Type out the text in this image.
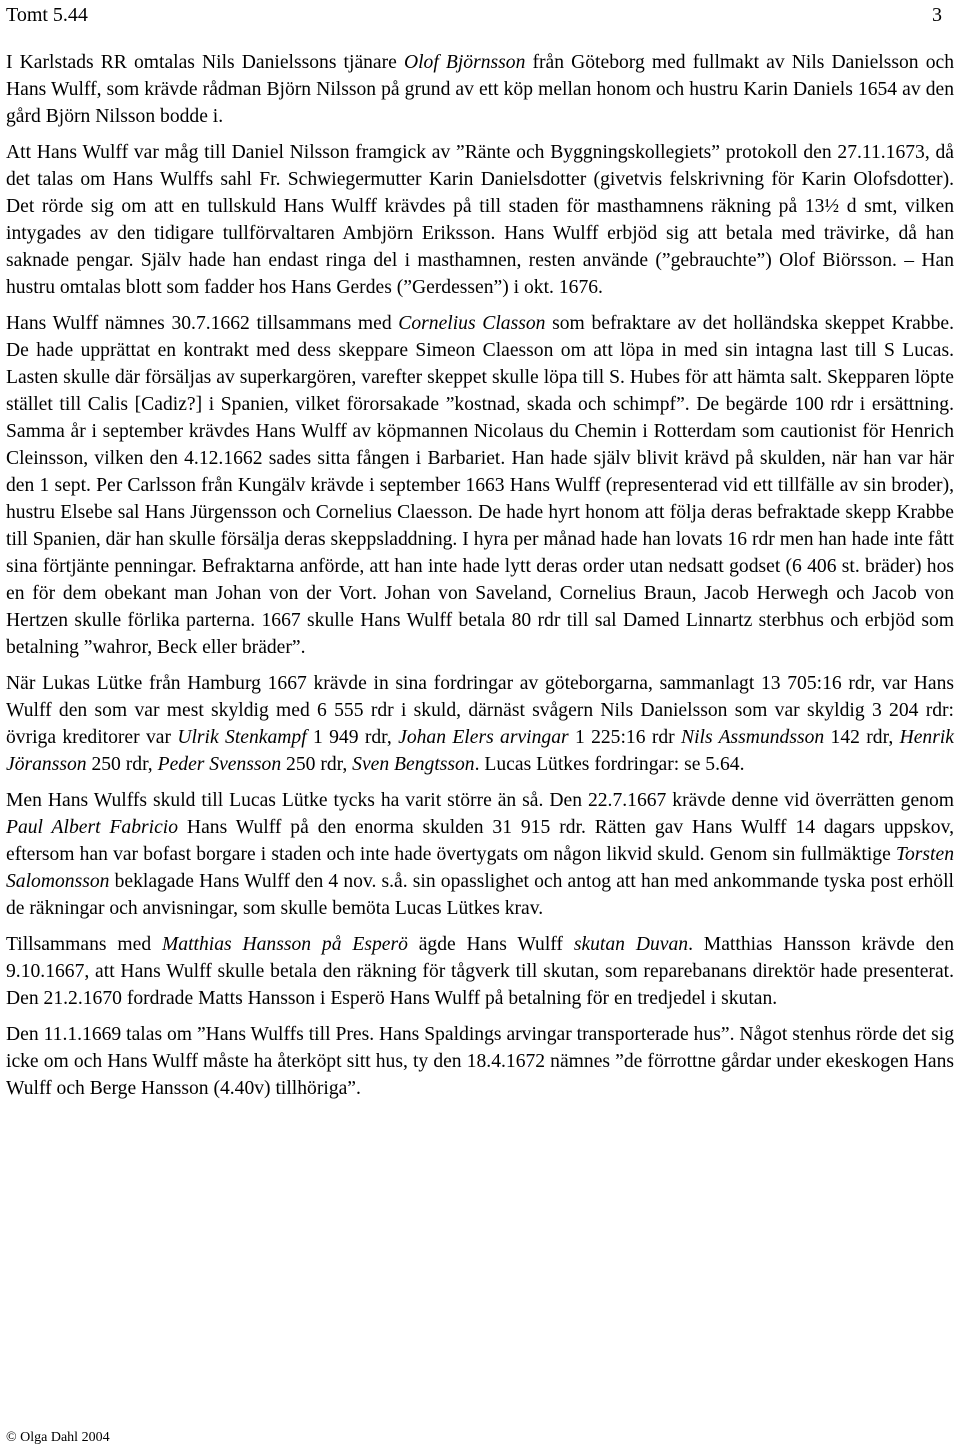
Tomt 5.44	3

I Karlstads RR omtalas Nils Danielssons tjänare Olof Björnsson från Göteborg med fullmakt av Nils Danielsson och Hans Wulff, som krävde rådman Björn Nilsson på grund av ett köp mellan honom och hustru Karin Daniels 1654 av den gård Björn Nilsson bodde i.

Att Hans Wulff var måg till Daniel Nilsson framgick av ”Ränte och Byggningskollegiets” protokoll den 27.11.1673, då det talas om Hans Wulffs sahl Fr. Schwiegermutter Karin Danielsdotter (givetvis felskrivning för Karin Olofsdotter). Det rörde sig om att en tullskuld Hans Wulff krävdes på till staden för masthamnens räkning på 13½ d smt, vilken intygades av den tidigare tullförvaltaren Ambjörn Eriksson. Hans Wulff erbjöd sig att betala med trävirke, då han saknade pengar. Själv hade han endast ringa del i masthamnen, resten använde (”gebrauchte”) Olof Biörsson. – Han hustru omtalas blott som fadder hos Hans Gerdes (”Gerdessen”) i okt. 1676.

Hans Wulff nämnes 30.7.1662 tillsammans med Cornelius Classon som befraktare av det holländska skeppet Krabbe. De hade upprättat en kontrakt med dess skeppare Simeon Claesson om att löpa in med sin intagna last till S Lucas. Lasten skulle där försäljas av superkargören, varefter skeppet skulle löpa till S. Hubes för att hämta salt. Skepparen löpte stället till Calis [Cadiz?] i Spanien, vilket förorsakade ”kostnad, skada och schimpf”. De begärde 100 rdr i ersättning. Samma år i september krävdes Hans Wulff av köpmannen Nicolaus du Chemin i Rotterdam som cautionist för Henrich Cleinsson, vilken den 4.12.1662 sades sitta fången i Barbariet. Han hade själv blivit krävd på skulden, när han var här den 1 sept. Per Carlsson från Kungälv krävde i september 1663 Hans Wulff (representerad vid ett tillfälle av sin broder), hustru Elsebe sal Hans Jürgensson och Cornelius Claesson. De hade hyrt honom att följa deras befraktade skepp Krabbe till Spanien, där han skulle försälja deras skeppsladdning. I hyra per månad hade han lovats 16 rdr men han hade inte fått sina förtjänte penningar. Befraktarna anförde, att han inte hade lytt deras order utan nedsatt godset (6 406 st. bräder) hos en för dem obekant man Johan von der Vort. Johan von Saveland, Cornelius Braun, Jacob Herwegh och Jacob von Hertzen skulle förlika parterna. 1667 skulle Hans Wulff betala 80 rdr till sal Damed Linnartz sterbhus och erbjöd som betalning ”wahror, Beck eller bräder”.

När Lukas Lütke från Hamburg 1667 krävde in sina fordringar av göteborgarna, sammanlagt 13 705:16 rdr, var Hans Wulff den som var mest skyldig med 6 555 rdr i skuld, därnäst svågern Nils Danielsson som var skyldig 3 204 rdr: övriga kreditorer var Ulrik Stenkampf 1 949 rdr, Johan Elers arvingar 1 225:16 rdr Nils Assmundsson 142 rdr, Henrik Jöransson 250 rdr, Peder Svensson 250 rdr, Sven Bengtsson. Lucas Lütkes fordringar: se 5.64.

Men Hans Wulffs skuld till Lucas Lütke tycks ha varit större än så. Den 22.7.1667 krävde denne vid överrätten genom Paul Albert Fabricio Hans Wulff på den enorma skulden 31 915 rdr. Rätten gav Hans Wulff 14 dagars uppskov, eftersom han var bofast borgare i staden och inte hade övertygats om någon likvid skuld. Genom sin fullmäktige Torsten Salomonsson beklagade Hans Wulff den 4 nov. s.å. sin opasslighet och antog att han med ankommande tyska post erhöll de räkningar och anvisningar, som skulle bemöta Lucas Lütkes krav.

Tillsammans med Matthias Hansson på Esperö ägde Hans Wulff skutan Duvan. Matthias Hansson krävde den 9.10.1667, att Hans Wulff skulle betala den räkning för tågverk till skutan, som reparebanans direktör hade presenterat. Den 21.2.1670 fordrade Matts Hansson i Esperö Hans Wulff på betalning för en tredjedel i skutan.

Den 11.1.1669 talas om ”Hans Wulffs till Pres. Hans Spaldings arvingar transporterade hus”. Något stenhus rörde det sig icke om och Hans Wulff måste ha återköpt sitt hus, ty den 18.4.1672 nämnes ”de förrottne gårdar under ekeskogen Hans Wulff och Berge Hansson (4.40v) tillhöriga”.

© Olga Dahl 2004
